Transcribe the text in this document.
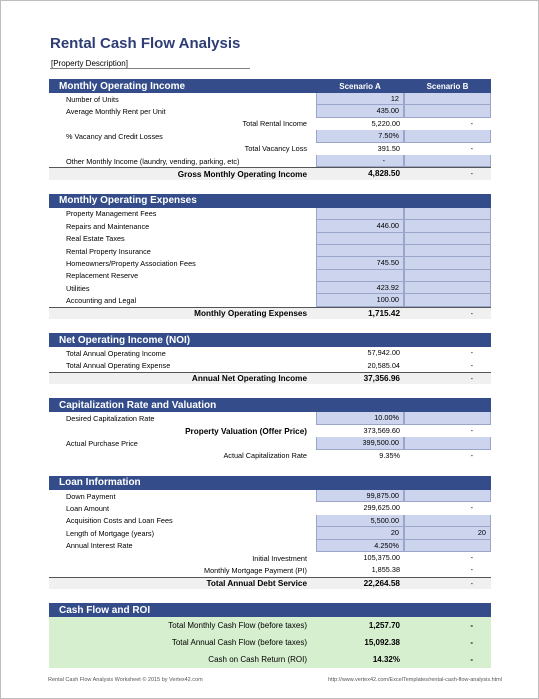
Rental Cash Flow Analysis
[Property Description]
Monthly Operating Income	Scenario A	Scenario B
Number of Units	12
Average Monthly Rent per Unit	435.00
Total Rental Income	5,220.00	-
% Vacancy and Credit Losses	7.50%
Total Vacancy Loss	391.50	-
Other Monthly Income (laundry, vending, parking, etc)	-
Gross Monthly Operating Income	4,828.50	-
Monthly Operating Expenses
Property Management Fees
Repairs and Maintenance	446.00
Real Estate Taxes
Rental Property Insurance
Homeowners/Property Association Fees	745.50
Replacement Reserve
Utilities	423.92
Accounting and Legal	100.00
Monthly Operating Expenses	1,715.42	-
Net Operating Income (NOI)
Total Annual Operating Income	57,942.00	-
Total Annual Operating Expense	20,585.04	-
Annual Net Operating Income	37,356.96	-
Capitalization Rate and Valuation
Desired Capitalization Rate	10.00%
Property Valuation (Offer Price)	373,569.60	-
Actual Purchase Price	399,500.00
Actual Capitalization Rate	9.35%	-
Loan Information
Down Payment	99,875.00
Loan Amount	299,625.00	-
Acquisition Costs and Loan Fees	5,500.00
Length of Mortgage (years)	20	20
Annual Interest Rate	4.250%
Initial Investment	105,375.00	-
Monthly Mortgage Payment (PI)	1,855.38	-
Total Annual Debt Service	22,264.58	-
Cash Flow and ROI
Total Monthly Cash Flow (before taxes)	1,257.70	-
Total Annual Cash Flow (before taxes)	15,092.38	-
Cash on Cash Return (ROI)	14.32%	-
Rental Cash Flow Analysis Worksheet © 2015 by Vertex42.com	http://www.vertex42.com/ExcelTemplates/rental-cash-flow-analysis.html
